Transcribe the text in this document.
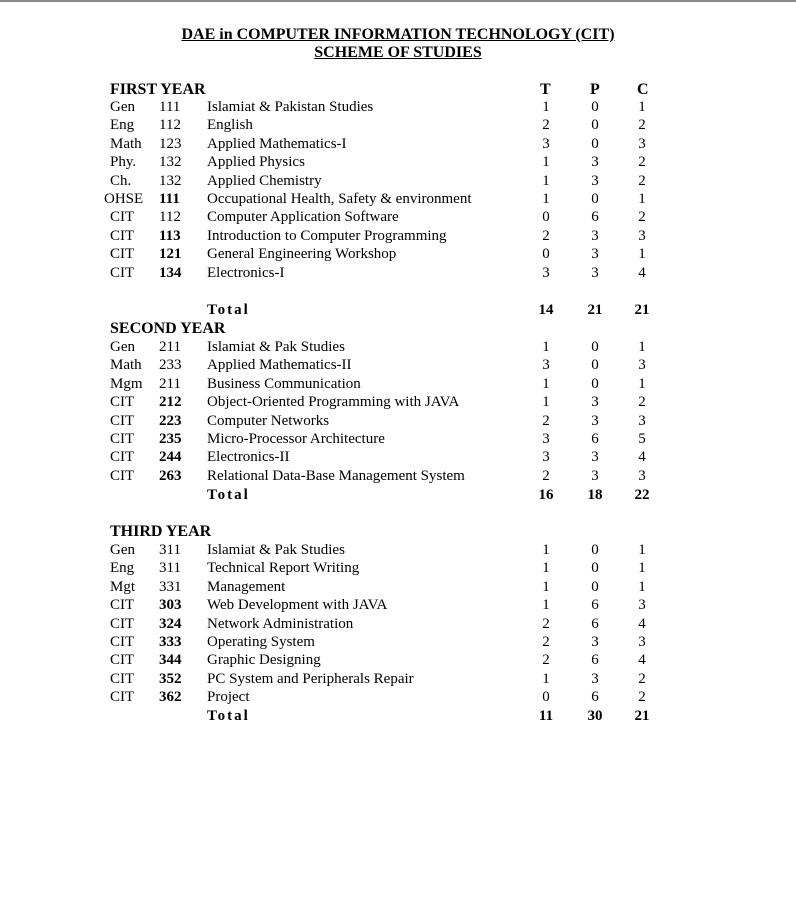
DAE in COMPUTER INFORMATION TECHNOLOGY (CIT)
SCHEME OF STUDIES
T P C
FIRST YEAR
Gen 111 Islamiat & Pakistan Studies	1	0	1
Eng 112 English	2	0	2
Math 123 Applied Mathematics-I	3	0	3
Phy. 132 Applied Physics	1	3	2
Ch. 132 Applied Chemistry	1	3	2
OHSE 111 Occupational Health, Safety & environment	1	0	1
CIT 112 Computer Application Software	0	6	2
CIT 113 Introduction to Computer Programming	2	3	3
CIT 121 General Engineering Workshop	0	3	1
CIT 134 Electronics-I	3	3	4
Total	14 21 21
SECOND YEAR
Gen 211 Islamiat & Pak Studies	1	0	1
Math 233 Applied Mathematics-II	3	0	3
Mgm 211 Business Communication	1	0	1
CIT 212 Object-Oriented Programming with JAVA	1	3	2
CIT 223 Computer Networks	2	3	3
CIT 235 Micro-Processor Architecture	3	6	5
CIT 244 Electronics-II	3	3	4
CIT 263 Relational Data-Base Management System	2	3	3
Total	16 18 22
THIRD YEAR
Gen 311 Islamiat & Pak Studies	1	0	1
Eng 311 Technical Report Writing	1	0	1
Mgt 331 Management	1	0	1
CIT 303 Web Development with JAVA	1	6	3
CIT 324 Network Administration	2	6	4
CIT 333 Operating System	2	3	3
CIT 344 Graphic Designing	2	6	4
CIT 352 PC System and Peripherals Repair	1	3	2
CIT 362 Project	0	6	2
Total	11 30 21
